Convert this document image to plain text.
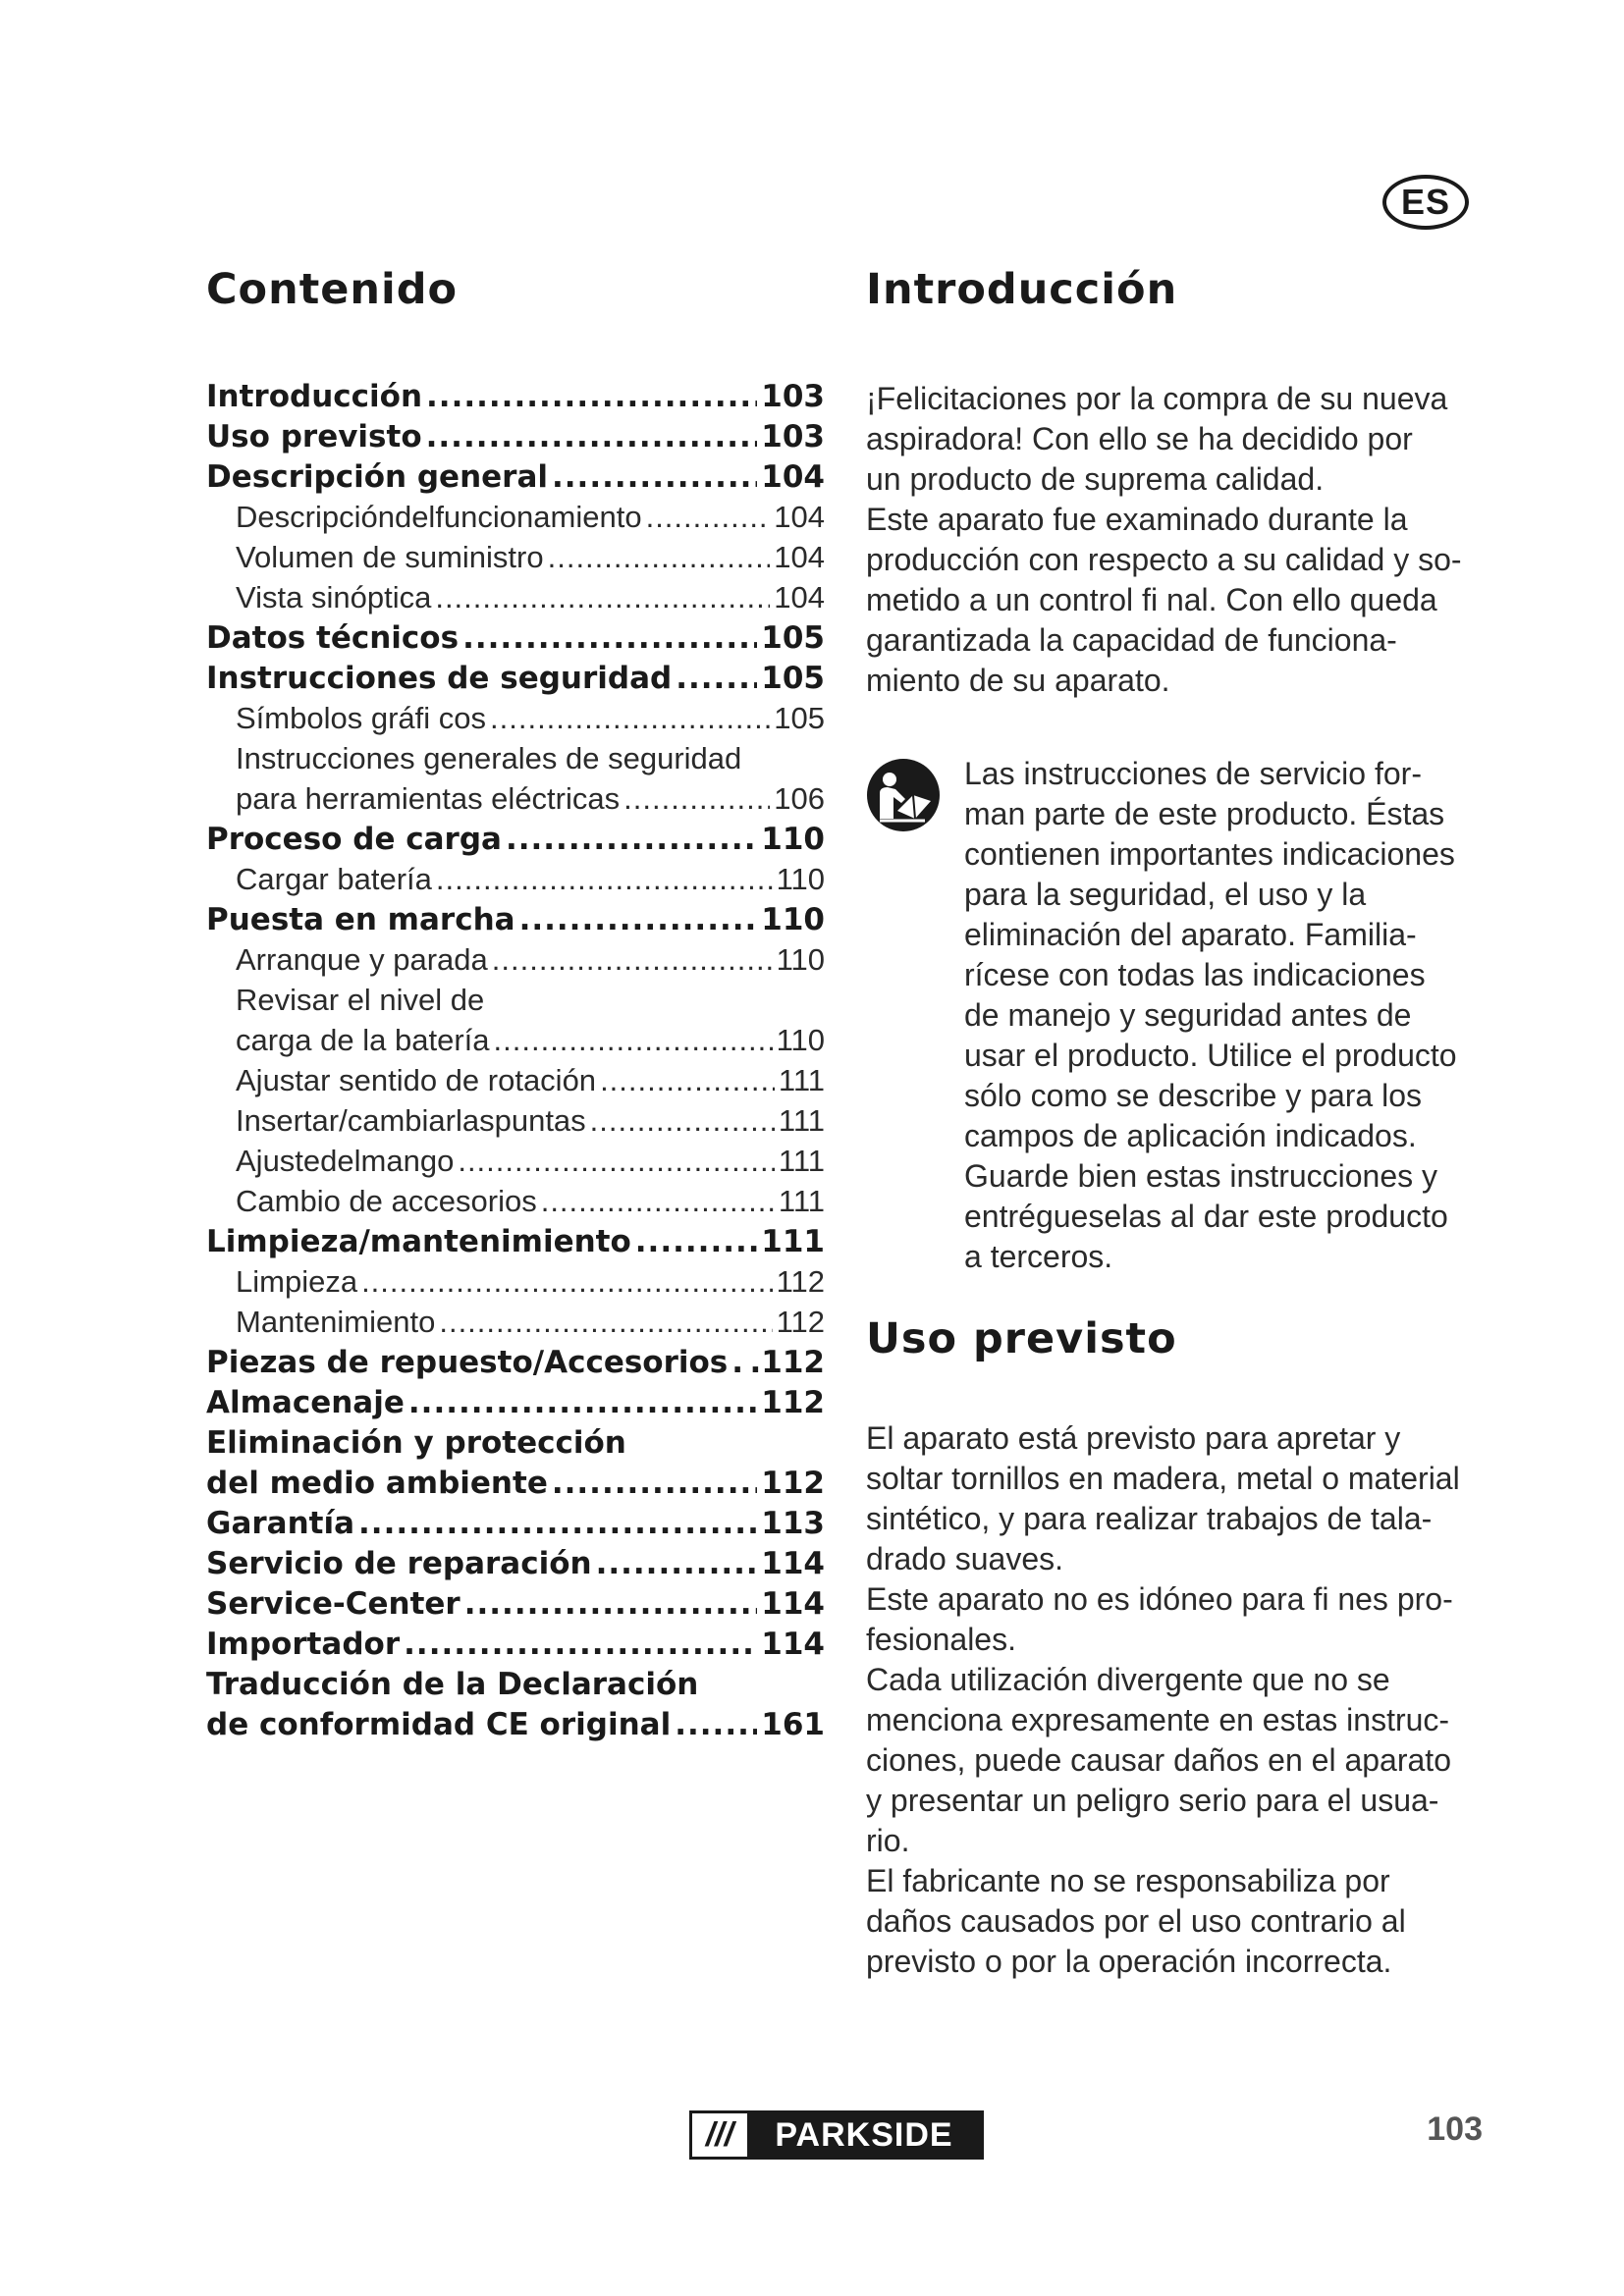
ES
Contenido
Introducción .....	103
Uso previsto .....	103
Descripción general .....	104
Descripcióndelfuncionamiento .....	104
Volumen de suministro .....	104
Vista sinóptica .....	104
Datos técnicos .....	105
Instrucciones de seguridad .....	105
Símbolos gráfi cos .....	105
Instrucciones generales de seguridad
para herramientas eléctricas .....	106
Proceso de carga .....	110
Cargar batería .....	110
Puesta en marcha .....	110
Arranque y parada .....	110
Revisar el nivel de
carga de la batería .....	110
Ajustar sentido de rotación .....	111
Insertar/cambiarlaspuntas .....	111
Ajustedelmango .....	111
Cambio de accesorios .....	111
Limpieza/mantenimiento .....	111
Limpieza .....	112
Mantenimiento .....	112
Piezas de repuesto/Accesorios ..... .112
Almacenaje .....	112
Eliminación y protección
del medio ambiente .....	112
Garantía .....	113
Servicio de reparación .....	114
Service-Center .....	114
Importador .....	114
Traducción de la Declaración
de conformidad CE original .....	161
Introducción

¡Felicitaciones por la compra de su nueva

aspiradora! Con ello se ha decidido por

un producto de suprema calidad.

Este aparato fue examinado durante la

producción con respecto a su calidad y so-

metido a un control fi nal. Con ello queda

garantizada la capacidad de funciona-

miento de su aparato.

Las instrucciones de servicio for-

man parte de este producto. Éstas

contienen importantes indicaciones

para la seguridad, el uso y la

eliminación del aparato. Familia-

rícese con todas las indicaciones

de manejo y seguridad antes de

usar el producto. Utilice el producto

sólo como se describe y para los

campos de aplicación indicados.

Guarde bien estas instrucciones y

entrégueselas al dar este producto

a terceros.

Uso previsto

El aparato está previsto para apretar y

soltar tornillos en madera, metal o material

sintético, y para realizar trabajos de tala-

drado suaves.

Este aparato no es idóneo para fi nes pro-

fesionales.

Cada utilización divergente que no se

menciona expresamente en estas instruc-

ciones, puede causar daños en el aparato

y presentar un peligro serio para el usua-

rio.

El fabricante no se responsabiliza por

daños causados por el uso contrario al

previsto o por la operación incorrecta.

///	PARKSIDE	103
